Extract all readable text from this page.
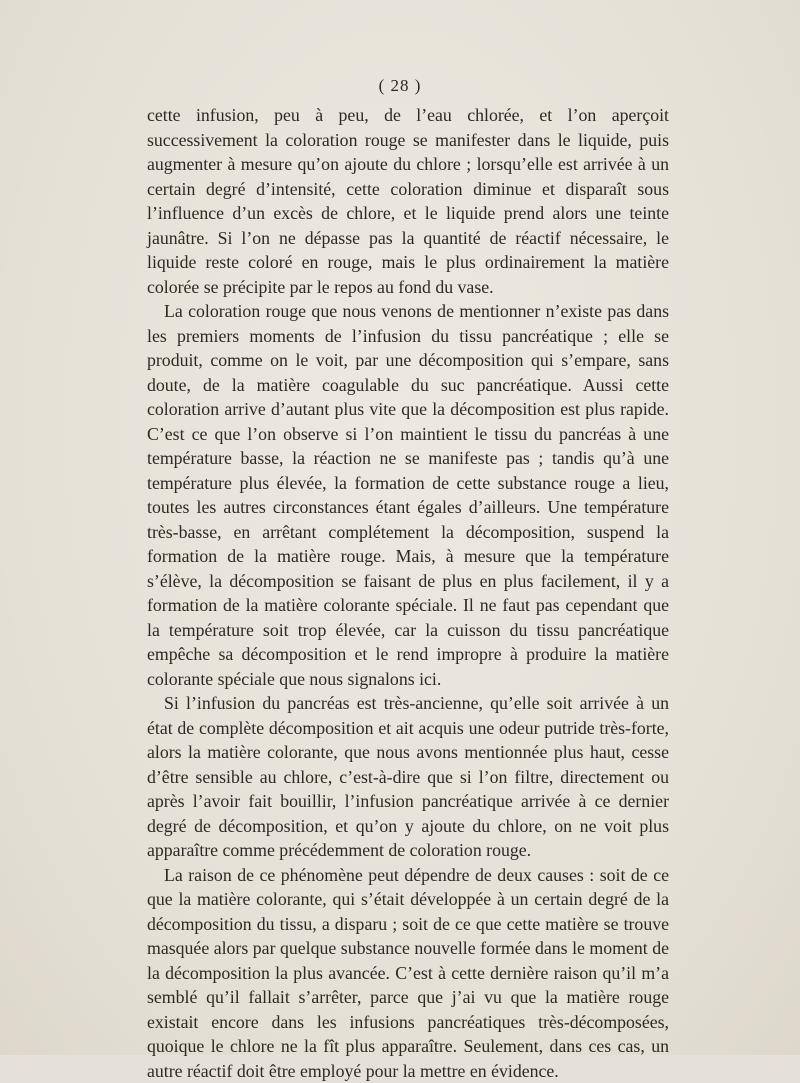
( 28 )

cette infusion, peu à peu, de l’eau chlorée, et l’on aperçoit successivement la coloration rouge se manifester dans le liquide, puis augmenter à mesure qu’on ajoute du chlore ; lorsqu’elle est arrivée à un certain degré d’intensité, cette coloration diminue et disparaît sous l’influence d’un excès de chlore, et le liquide prend alors une teinte jaunâtre. Si l’on ne dépasse pas la quantité de réactif nécessaire, le liquide reste coloré en rouge, mais le plus ordinairement la matière colorée se précipite par le repos au fond du vase.

La coloration rouge que nous venons de mentionner n’existe pas dans les premiers moments de l’infusion du tissu pancréatique ; elle se produit, comme on le voit, par une décomposition qui s’empare, sans doute, de la matière coagulable du suc pancréatique. Aussi cette coloration arrive d’autant plus vite que la décomposition est plus rapide. C’est ce que l’on observe si l’on maintient le tissu du pancréas à une température basse, la réaction ne se manifeste pas ; tandis qu’à une température plus élevée, la formation de cette substance rouge a lieu, toutes les autres circonstances étant égales d’ailleurs. Une température très-basse, en arrêtant complétement la décomposition, suspend la formation de la matière rouge. Mais, à mesure que la température s’élève, la décomposition se faisant de plus en plus facilement, il y a formation de la matière colorante spéciale. Il ne faut pas cependant que la température soit trop élevée, car la cuisson du tissu pancréatique empêche sa décomposition et le rend impropre à produire la matière colorante spéciale que nous signalons ici.

Si l’infusion du pancréas est très-ancienne, qu’elle soit arrivée à un état de complète décomposition et ait acquis une odeur putride très-forte, alors la matière colorante, que nous avons mentionnée plus haut, cesse d’être sensible au chlore, c’est-à-dire que si l’on filtre, directement ou après l’avoir fait bouillir, l’infusion pancréatique arrivée à ce dernier degré de décomposition, et qu’on y ajoute du chlore, on ne voit plus apparaître comme précédemment de coloration rouge.

La raison de ce phénomène peut dépendre de deux causes : soit de ce que la matière colorante, qui s’était développée à un certain degré de la décomposition du tissu, a disparu ; soit de ce que cette matière se trouve masquée alors par quelque substance nouvelle formée dans le moment de la décomposition la plus avancée. C’est à cette dernière raison qu’il m’a semblé qu’il fallait s’arrêter, parce que j’ai vu que la matière rouge existait encore dans les infusions pancréatiques très-décomposées, quoique le chlore ne la fît plus apparaître. Seulement, dans ces cas, un autre réactif doit être employé pour la mettre en évidence.
